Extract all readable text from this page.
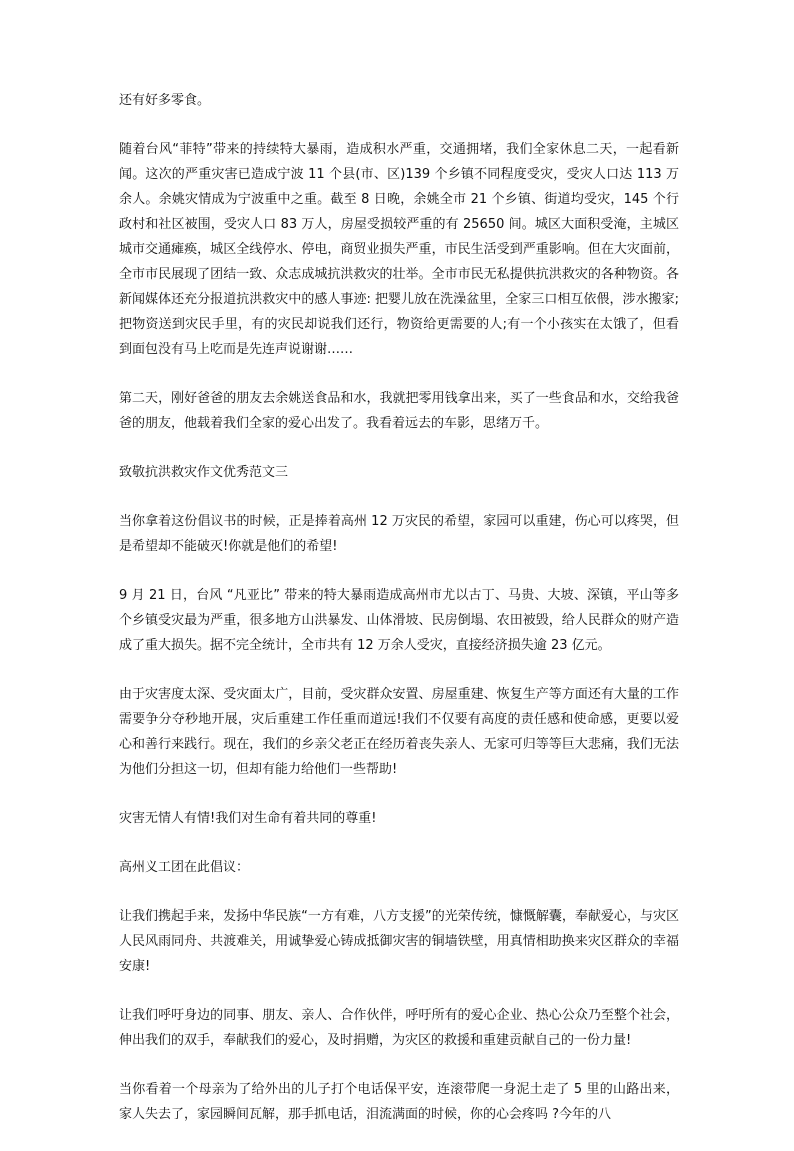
还有好多零食。

随着台风“菲特”带来的持续特大暴雨，造成积水严重，交通拥堵，我们全家休息二天，一起看新闻。这次的严重灾害已造成宁波 11 个县(市、区)139 个乡镇不同程度受灾，受灾人口达 113 万余人。余姚灾情成为宁波重中之重。截至 8 日晚，余姚全市 21 个乡镇、街道均受灾，145 个行政村和社区被围，受灾人口 83 万人，房屋受损较严重的有 25650 间。城区大面积受淹，主城区城市交通瘫痪，城区全线停水、停电，商贸业损失严重，市民生活受到严重影响。但在大灾面前，全市市民展现了团结一致、众志成城抗洪救灾的壮举。全市市民无私提供抗洪救灾的各种物资。各新闻媒体还充分报道抗洪救灾中的感人事迹: 把婴儿放在洗澡盆里，全家三口相互依偎，涉水搬家;把物资送到灾民手里，有的灾民却说我们还行，物资给更需要的人;有一个小孩实在太饿了，但看到面包没有马上吃而是先连声说谢谢……

第二天，刚好爸爸的朋友去余姚送食品和水，我就把零用钱拿出来，买了一些食品和水，交给我爸爸的朋友，他载着我们全家的爱心出发了。我看着远去的车影，思绪万千。

致敬抗洪救灾作文优秀范文三

当你拿着这份倡议书的时候，正是捧着高州 12 万灾民的希望，家园可以重建，伤心可以疼哭，但是希望却不能破灭!你就是他们的希望!

9 月 21 日，台风 “凡亚比” 带来的特大暴雨造成高州市尤以古丁、马贵、大坡、深镇，平山等多个乡镇受灾最为严重，很多地方山洪暴发、山体滑坡、民房倒塌、农田被毁，给人民群众的财产造成了重大损失。据不完全统计，全市共有 12 万余人受灾，直接经济损失逾 23 亿元。

由于灾害度太深、受灾面太广，目前，受灾群众安置、房屋重建、恢复生产等方面还有大量的工作需要争分夺秒地开展，灾后重建工作任重而道远!我们不仅要有高度的责任感和使命感，更要以爱心和善行来践行。现在，我们的乡亲父老正在经历着丧失亲人、无家可归等等巨大悲痛，我们无法为他们分担这一切，但却有能力给他们一些帮助!

灾害无情人有情!我们对生命有着共同的尊重!

高州义工团在此倡议：

让我们携起手来，发扬中华民族“一方有难，八方支援”的光荣传统，慷慨解囊，奉献爱心，与灾区人民风雨同舟、共渡难关，用诚挚爱心铸成抵御灾害的铜墙铁壁，用真情相助换来灾区群众的幸福安康!

让我们呼吁身边的同事、朋友、亲人、合作伙伴，呼吁所有的爱心企业、热心公众乃至整个社会，伸出我们的双手，奉献我们的爱心，及时捐赠，为灾区的救援和重建贡献自己的一份力量!

当你看着一个母亲为了给外出的儿子打个电话保平安，连滚带爬一身泥土走了 5 里的山路出来，家人失去了，家园瞬间瓦解，那手抓电话，泪流满面的时候，你的心会疼吗 ?今年的八
